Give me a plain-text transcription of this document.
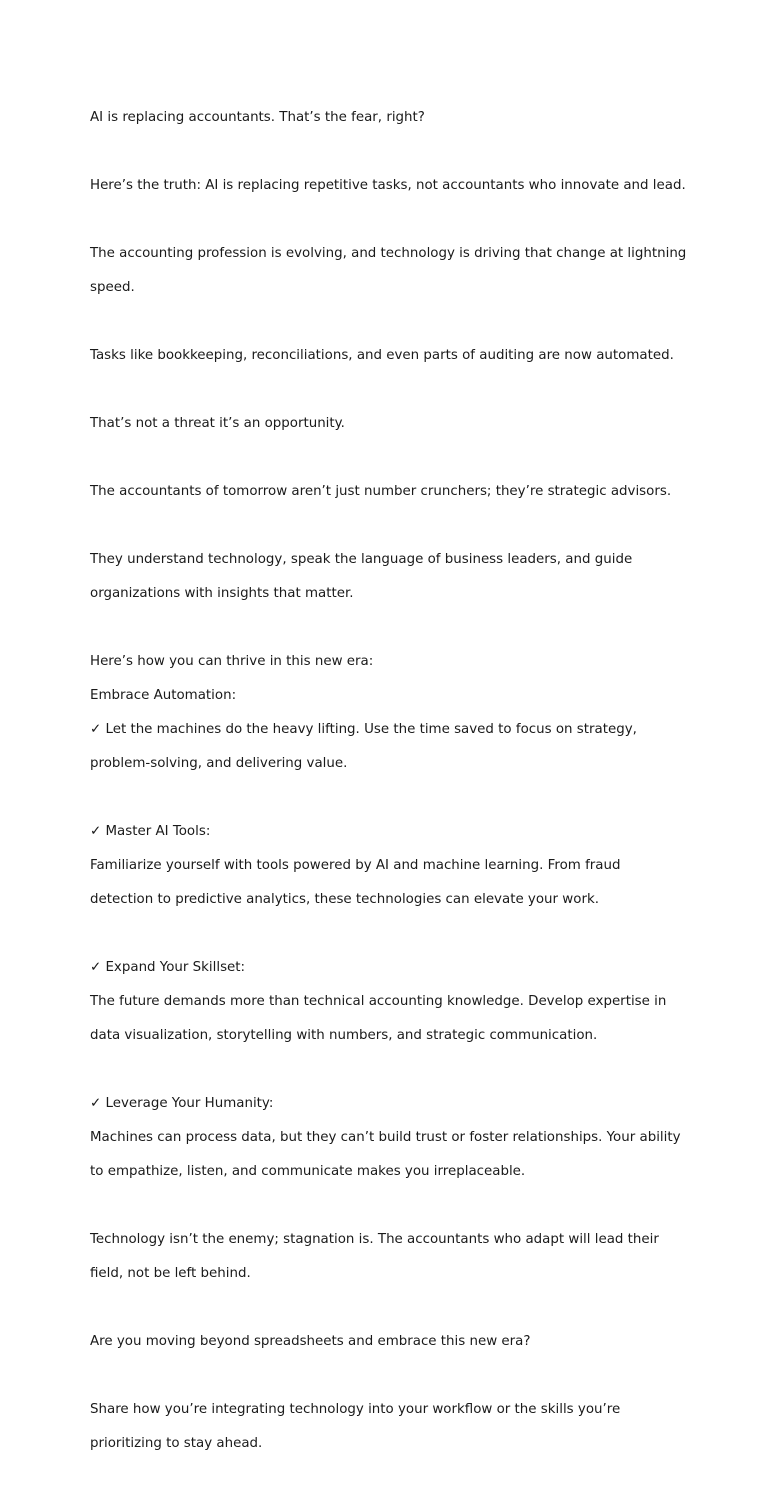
AI is replacing accountants. That’s the fear, right?

Here’s the truth: AI is replacing repetitive tasks, not accountants who innovate and lead.

The accounting profession is evolving, and technology is driving that change at lightning

speed.

Tasks like bookkeeping, reconciliations, and even parts of auditing are now automated.

That’s not a threat it’s an opportunity.

The accountants of tomorrow aren’t just number crunchers; they’re strategic advisors.

They understand technology, speak the language of business leaders, and guide

organizations with insights that matter.

Here’s how you can thrive in this new era:

Embrace Automation:

✓ Let the machines do the heavy lifting. Use the time saved to focus on strategy,

problem-solving, and delivering value.

✓ Master AI Tools:

Familiarize yourself with tools powered by AI and machine learning. From fraud

detection to predictive analytics, these technologies can elevate your work.

✓ Expand Your Skillset:

The future demands more than technical accounting knowledge. Develop expertise in

data visualization, storytelling with numbers, and strategic communication.

✓ Leverage Your Humanity:

Machines can process data, but they can’t build trust or foster relationships. Your ability

to empathize, listen, and communicate makes you irreplaceable.

Technology isn’t the enemy; stagnation is. The accountants who adapt will lead their

field, not be left behind.

Are you moving beyond spreadsheets and embrace this new era?

Share how you’re integrating technology into your workflow or the skills you’re

prioritizing to stay ahead.
